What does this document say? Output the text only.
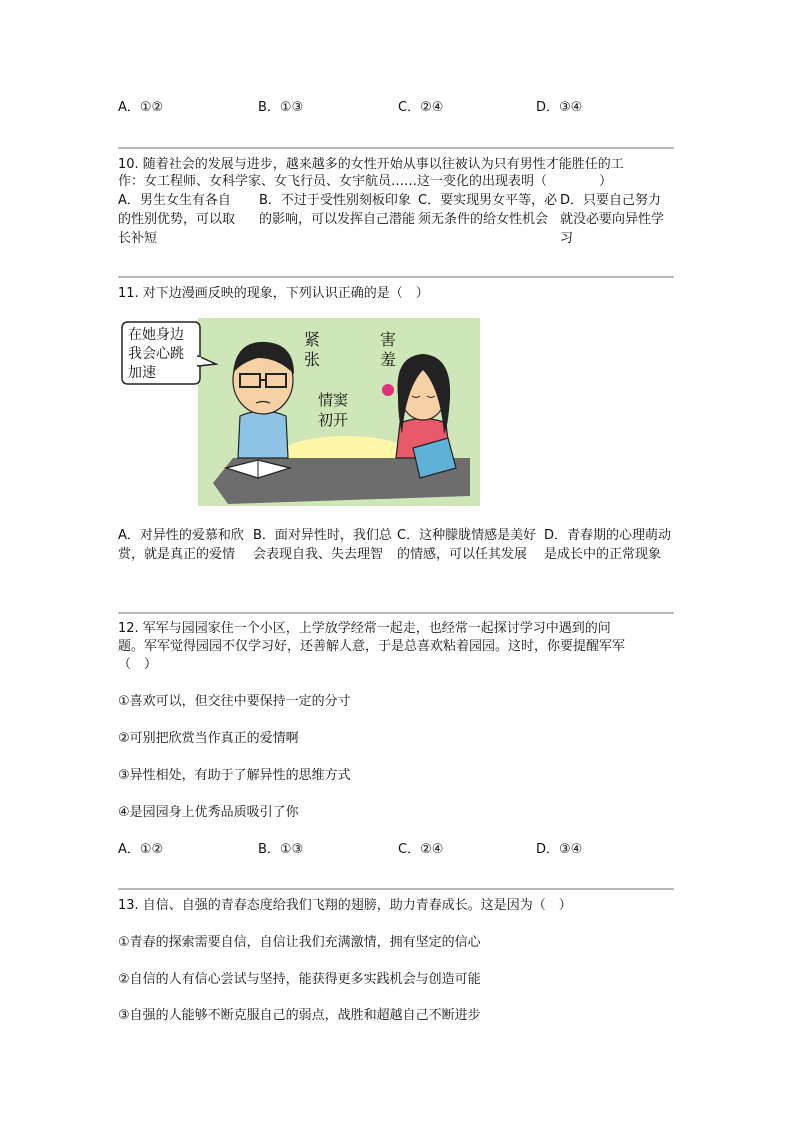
A．①②	B．①③	C．②④	D．③④
10. 随着社会的发展与进步，越来越多的女性开始从事以往被认为只有男性才能胜任的工
作：女工程师、女科学家、女飞行员、女宇航员……这一变化的出现表明（　　　　）
A．男生女生有各自的性别优势，可以取长补短
B．不过于受性别刻板印象的影响，可以发挥自己潜能
C．要实现男女平等，必须无条件的给女性机会
D．只要自己努力就没必要向异性学习
11. 对下边漫画反映的现象，下列认识正确的是（　）
在她身边我会心跳加速
紧张
害羞
情窦初开
A．对异性的爱慕和欣赏，就是真正的爱情
B．面对异性时，我们总会表现自我、失去理智
C．这种朦胧情感是美好的情感，可以任其发展
D．青春期的心理萌动是成长中的正常现象
12. 军军与园园家住一个小区，上学放学经常一起走，也经常一起探讨学习中遇到的问
题。军军觉得园园不仅学习好，还善解人意，于是总喜欢粘着园园。这时，你要提醒军军
（　）
①喜欢可以，但交往中要保持一定的分寸
②可别把欣赏当作真正的爱情啊
③异性相处，有助于了解异性的思维方式
④是园园身上优秀品质吸引了你
A．①②	B．①③	C．②④	D．③④
13. 自信、自强的青春态度给我们飞翔的翅膀，助力青春成长。这是因为（　）
①青春的探索需要自信，自信让我们充满激情，拥有坚定的信心
②自信的人有信心尝试与坚持，能获得更多实践机会与创造可能
③自强的人能够不断克服自己的弱点，战胜和超越自己不断进步
